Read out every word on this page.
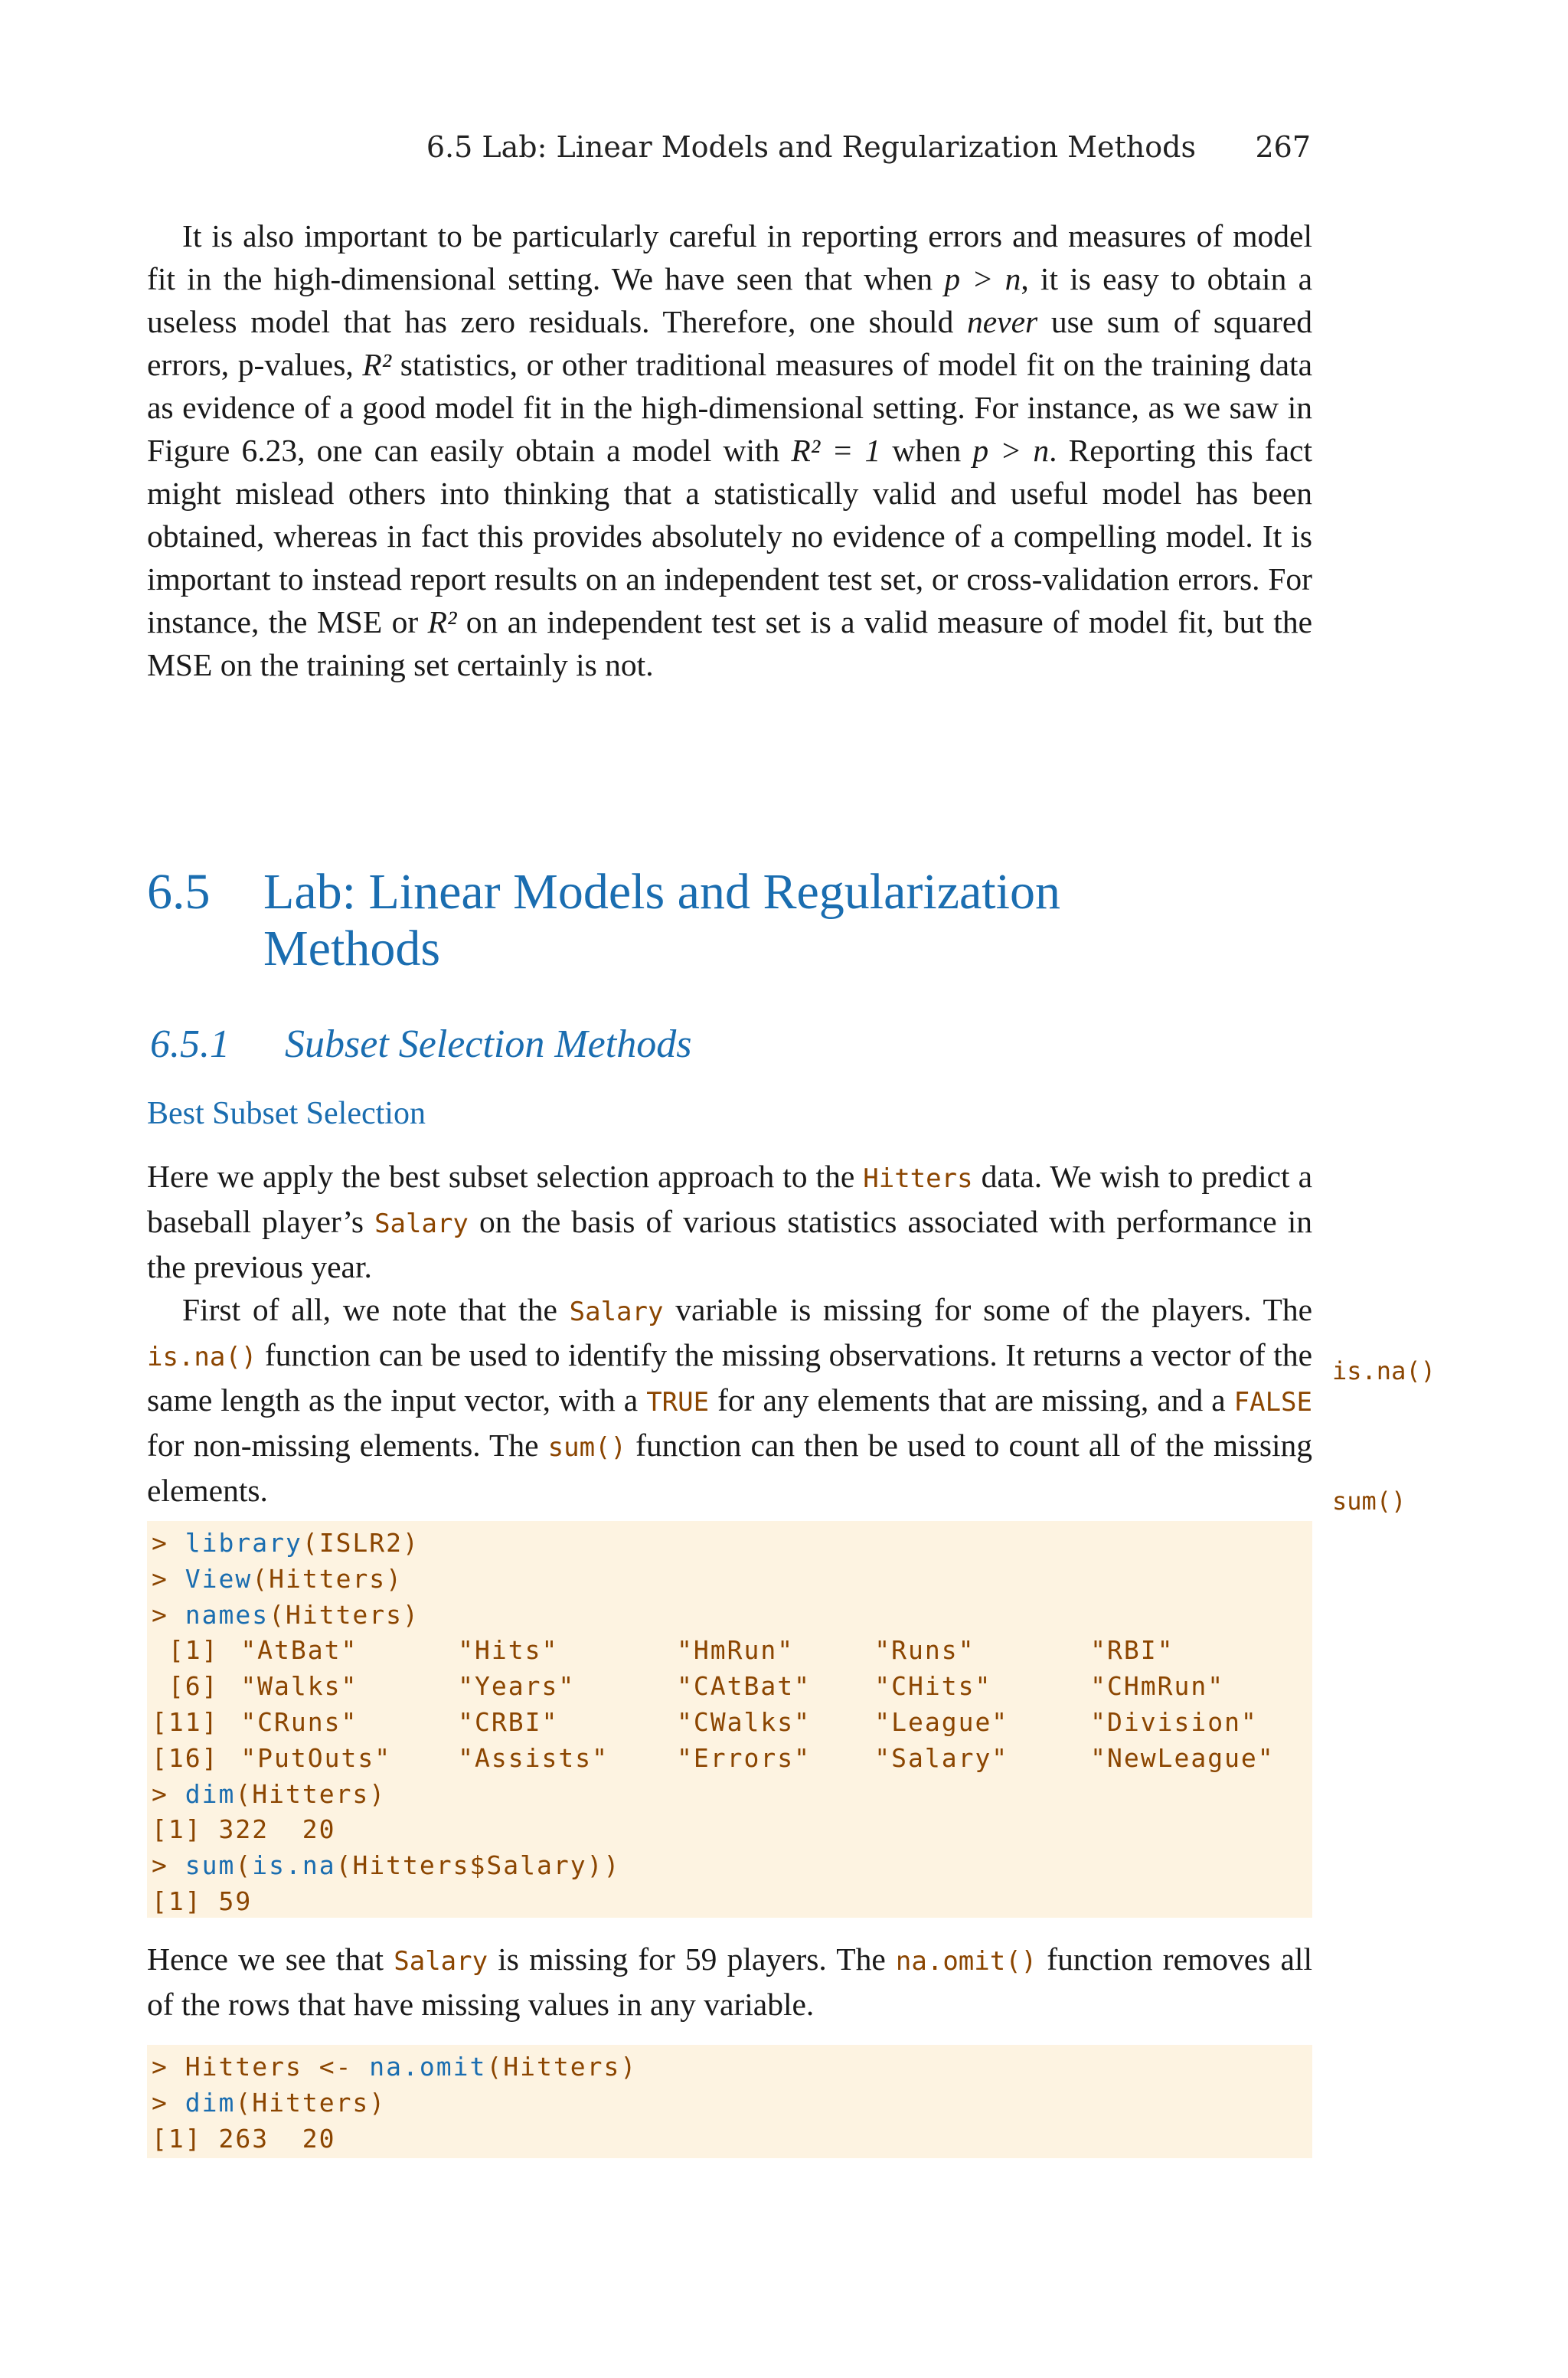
6.5 Lab: Linear Models and Regularization Methods 267

It is also important to be particularly careful in reporting errors and measures of model fit in the high-dimensional setting. We have seen that when p > n, it is easy to obtain a useless model that has zero residuals. Therefore, one should never use sum of squared errors, p-values, R² statistics, or other traditional measures of model fit on the training data as evidence of a good model fit in the high-dimensional setting. For instance, as we saw in Figure 6.23, one can easily obtain a model with R² = 1 when p > n. Reporting this fact might mislead others into thinking that a statistically valid and useful model has been obtained, whereas in fact this provides absolutely no evidence of a compelling model. It is important to instead report results on an independent test set, or cross-validation errors. For instance, the MSE or R² on an independent test set is a valid measure of model fit, but the MSE on the training set certainly is not.

6.5 Lab: Linear Models and Regularization Methods
6.5.1 Subset Selection Methods
Best Subset Selection

Here we apply the best subset selection approach to the Hitters data. We wish to predict a baseball player’s Salary on the basis of various statistics associated with performance in the previous year.

First of all, we note that the Salary variable is missing for some of the players. The is.na() function can be used to identify the missing observations. It returns a vector of the same length as the input vector, with a TRUE for any elements that are missing, and a FALSE for non-missing elements. The sum() function can then be used to count all of the missing elements.

is.na()
sum()
> library(ISLR2)
> View(Hitters)
> names(Hitters)
[1] "AtBat"	"Hits"	"HmRun"	"Runs"	"RBI"
[6] "Walks"	"Years"	"CAtBat"	"CHits"	"CHmRun"
[11] "CRuns"	"CRBI"	"CWalks"	"League"	"Division"
[16] "PutOuts"	"Assists"	"Errors"	"Salary"	"NewLeague"
> dim(Hitters)
[1] 322  20
> sum(is.na(Hitters$Salary))
[1] 59

Hence we see that Salary is missing for 59 players. The na.omit() function removes all of the rows that have missing values in any variable.

> Hitters <- na.omit(Hitters)
> dim(Hitters)
[1] 263  20
